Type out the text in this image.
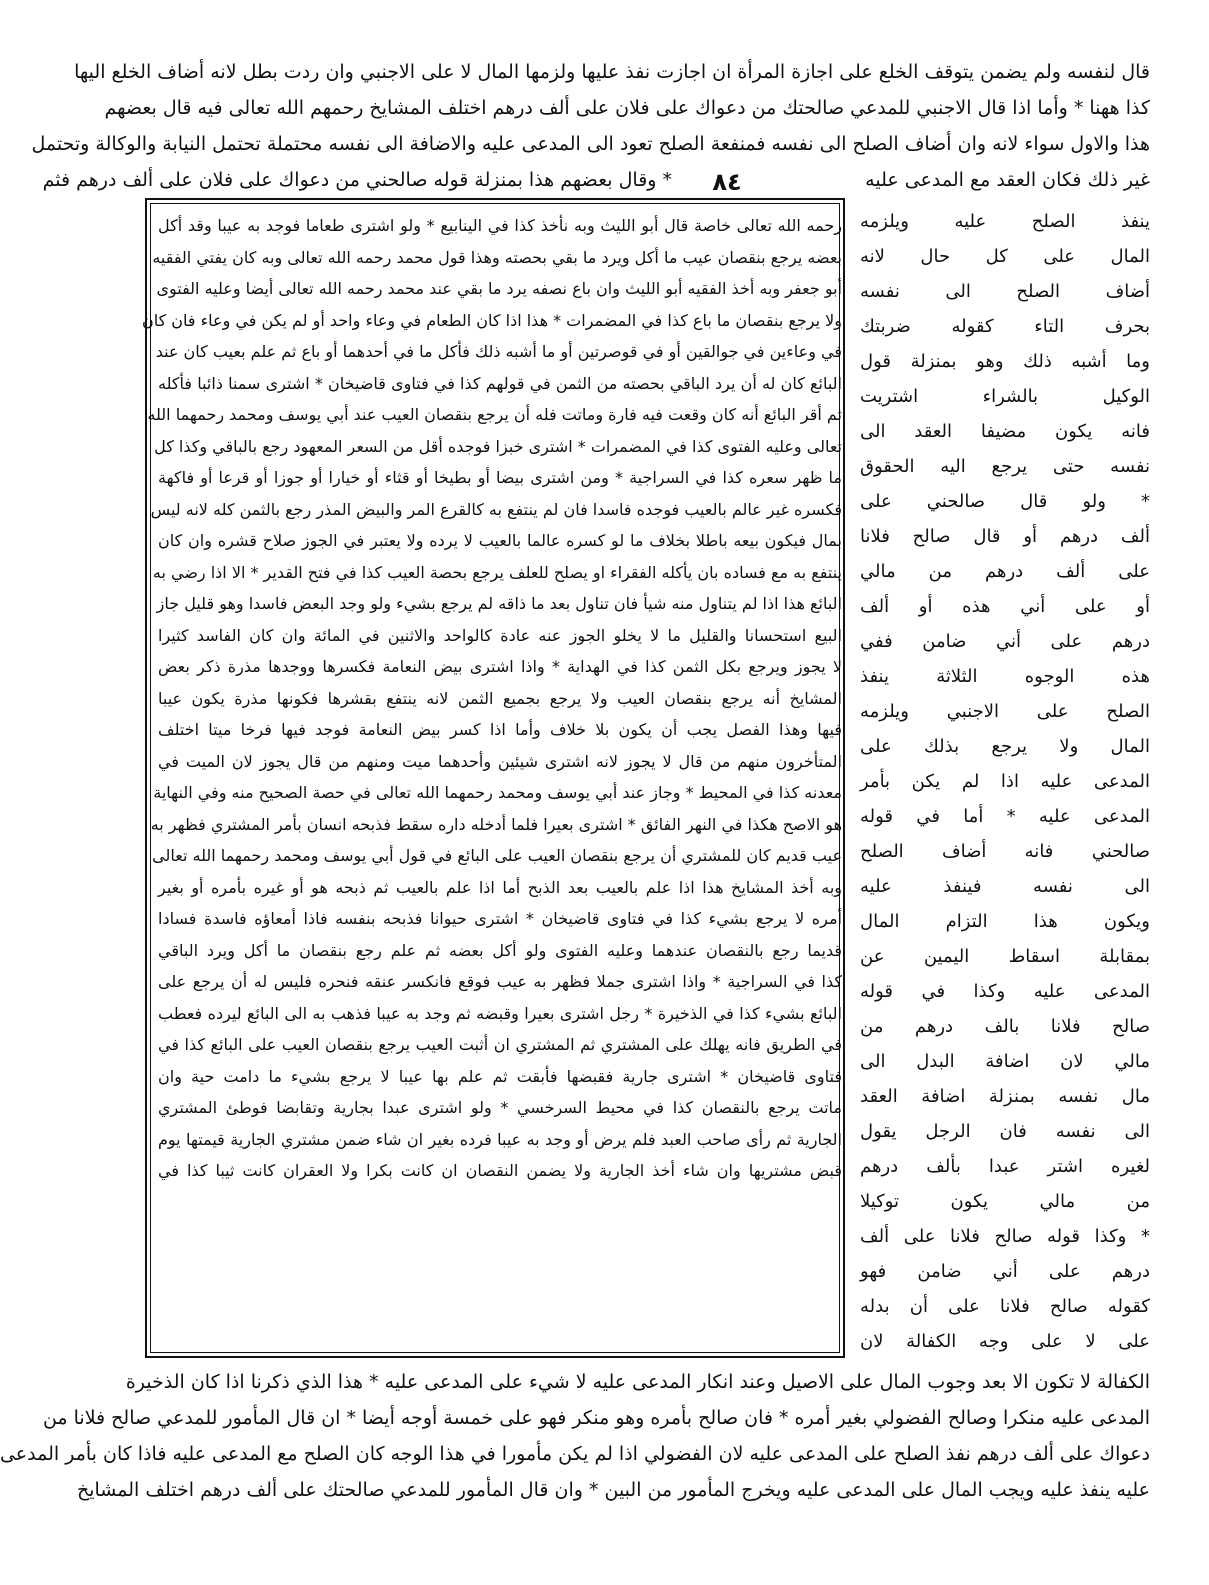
قال لنفسه ولم يضمن يتوقف الخلع على اجازة المرأة ان اجازت نفذ عليها ولزمها المال لا على الاجنبي وان ردت بطل لانه أضاف الخلع اليها
كذا ههنا * وأما اذا قال الاجنبي للمدعي صالحتك من دعواك على فلان على ألف درهم اختلف المشايخ رحمهم الله تعالى فيه قال بعضهم
هذا والاول سواء لانه وان أضاف الصلح الى نفسه فمنفعة الصلح تعود الى المدعى عليه والاضافة الى نفسه محتملة تحتمل النيابة والوكالة وتحتمل
* وقال بعضهم هذا بمنزلة قوله صالحني من دعواك على فلان على ألف درهم فثم	غير ذلك فكان العقد مع المدعى عليه
٨٤
رحمه الله تعالى خاصة قال أبو الليث وبه نأخذ كذا في الينابيع * ولو اشترى طعاما فوجد به عيبا وقد أكل
بعضه يرجع بنقصان عيب ما أكل ويرد ما بقي بحصته وهذا قول محمد رحمه الله تعالى وبه كان يفتي الفقيه
أبو جعفر وبه أخذ الفقيه أبو الليث وان باع نصفه يرد ما بقي عند محمد رحمه الله تعالى أيضا وعليه الفتوى
ولا يرجع بنقصان ما باع كذا في المضمرات * هذا اذا كان الطعام في وعاء واحد أو لم يكن في وعاء فان كان
في وعاءين في جوالقين أو في قوصرتين أو ما أشبه ذلك فأكل ما في أحدهما أو باع ثم علم بعيب كان عند
البائع كان له أن يرد الباقي بحصته من الثمن في قولهم كذا في فتاوى قاضيخان * اشترى سمنا ذائبا فأكله
ثم أقر البائع أنه كان وقعت فيه فارة وماتت فله أن يرجع بنقصان العيب عند أبي يوسف ومحمد رحمهما الله
تعالى وعليه الفتوى كذا في المضمرات * اشترى خبزا فوجده أقل من السعر المعهود رجع بالباقي وكذا كل
ما ظهر سعره كذا في السراجية * ومن اشترى بيضا أو بطيخا أو قثاء أو خيارا أو جوزا أو قرعا أو فاكهة
فكسره غير عالم بالعيب فوجده فاسدا فان لم ينتفع به كالقرع المر والبيض المذر رجع بالثمن كله لانه ليس
بمال فيكون بيعه باطلا بخلاف ما لو كسره عالما بالعيب لا يرده ولا يعتبر في الجوز صلاح قشره وان كان
ينتفع به مع فساده بان يأكله الفقراء او يصلح للعلف يرجع بحصة العيب كذا في فتح القدير * الا اذا رضي به
البائع هذا اذا لم يتناول منه شيأ فان تناول بعد ما ذاقه لم يرجع بشيء ولو وجد البعض فاسدا وهو قليل جاز
البيع استحسانا والقليل ما لا يخلو الجوز عنه عادة كالواحد والاثنين في المائة وان كان الفاسد كثيرا
لا يجوز ويرجع بكل الثمن كذا في الهداية * واذا اشترى بيض النعامة فكسرها ووجدها مذرة ذكر بعض
المشايخ أنه يرجع بنقصان العيب ولا يرجع بجميع الثمن لانه ينتفع بقشرها فكونها مذرة يكون عيبا
فيها وهذا الفصل يجب أن يكون بلا خلاف وأما اذا كسر بيض النعامة فوجد فيها فرخا ميتا اختلف
المتأخرون منهم من قال لا يجوز لانه اشترى شيئين وأحدهما ميت ومنهم من قال يجوز لان الميت في
معدنه كذا في المحيط * وجاز عند أبي يوسف ومحمد رحمهما الله تعالى في حصة الصحيح منه وفي النهاية
هو الاصح هكذا في النهر الفائق * اشترى بعيرا فلما أدخله داره سقط فذبحه انسان بأمر المشتري فظهر به
عيب قديم كان للمشتري أن يرجع بنقصان العيب على البائع في قول أبي يوسف ومحمد رحمهما الله تعالى
وبه أخذ المشايخ هذا اذا علم بالعيب بعد الذبح أما اذا علم بالعيب ثم ذبحه هو أو غيره بأمره أو بغير
أمره لا يرجع بشيء كذا في فتاوى قاضيخان * اشترى حيوانا فذبحه بنفسه فاذا أمعاؤه فاسدة فسادا
قديما رجع بالنقصان عندهما وعليه الفتوى ولو أكل بعضه ثم علم رجع بنقصان ما أكل ويرد الباقي
كذا في السراجية * واذا اشترى جملا فظهر به عيب فوقع فانكسر عنقه فنحره فليس له أن يرجع على
البائع بشيء كذا في الذخيرة * رجل اشترى بعيرا وقبضه ثم وجد به عيبا فذهب به الى البائع ليرده فعطب
في الطريق فانه يهلك على المشتري ثم المشتري ان أثبت العيب يرجع بنقصان العيب على البائع كذا في
فتاوى قاضيخان * اشترى جارية فقبضها فأبقت ثم علم بها عيبا لا يرجع بشيء ما دامت حية وان
ماتت يرجع بالنقصان كذا في محيط السرخسي * ولو اشترى عبدا بجارية وتقابضا فوطئ المشتري
الجارية ثم رأى صاحب العبد فلم يرض أو وجد به عيبا فرده بغير ان شاء ضمن مشتري الجارية قيمتها يوم
قبض مشتريها وان شاء أخذ الجارية ولا يضمن النقصان ان كانت بكرا ولا العقران كانت ثيبا كذا في
ينفذ الصلح عليه ويلزمه
المال على كل حال لانه
أضاف الصلح الى نفسه
بحرف التاء كقوله ضربتك
وما أشبه ذلك وهو بمنزلة قول
الوكيل بالشراء اشتريت
فانه يكون مضيفا العقد الى
نفسه حتى يرجع اليه الحقوق
* ولو قال صالحني على
ألف درهم أو قال صالح فلانا
على ألف درهم من مالي
أو على أني هذه أو ألف
درهم على أني ضامن ففي
هذه الوجوه الثلاثة ينفذ
الصلح على الاجنبي ويلزمه
المال ولا يرجع بذلك على
المدعى عليه اذا لم يكن بأمر
المدعى عليه * أما في قوله
صالحني فانه أضاف الصلح
الى نفسه فينفذ عليه
ويكون هذا التزام المال
بمقابلة اسقاط اليمين عن
المدعى عليه وكذا في قوله
صالح فلانا بالف درهم من
مالي لان اضافة البدل الى
مال نفسه بمنزلة اضافة العقد
الى نفسه فان الرجل يقول
لغيره اشتر عبدا بألف درهم
من مالي يكون توكيلا
* وكذا قوله صالح فلانا على ألف
درهم على أني ضامن فهو
كقوله صالح فلانا على أن بدله
على لا على وجه الكفالة لان
الكفالة لا تكون الا بعد وجوب المال على الاصيل وعند انكار المدعى عليه لا شيء على المدعى عليه * هذا الذي ذكرنا اذا كان الذخيرة
المدعى عليه منكرا وصالح الفضولي بغير أمره * فان صالح بأمره وهو منكر فهو على خمسة أوجه أيضا * ان قال المأمور للمدعي صالح فلانا من
دعواك على ألف درهم نفذ الصلح على المدعى عليه لان الفضولي اذا لم يكن مأمورا في هذا الوجه كان الصلح مع المدعى عليه فاذا كان بأمر المدعى
عليه ينفذ عليه ويجب المال على المدعى عليه ويخرج المأمور من البين * وان قال المأمور للمدعي صالحتك على ألف درهم اختلف المشايخ
